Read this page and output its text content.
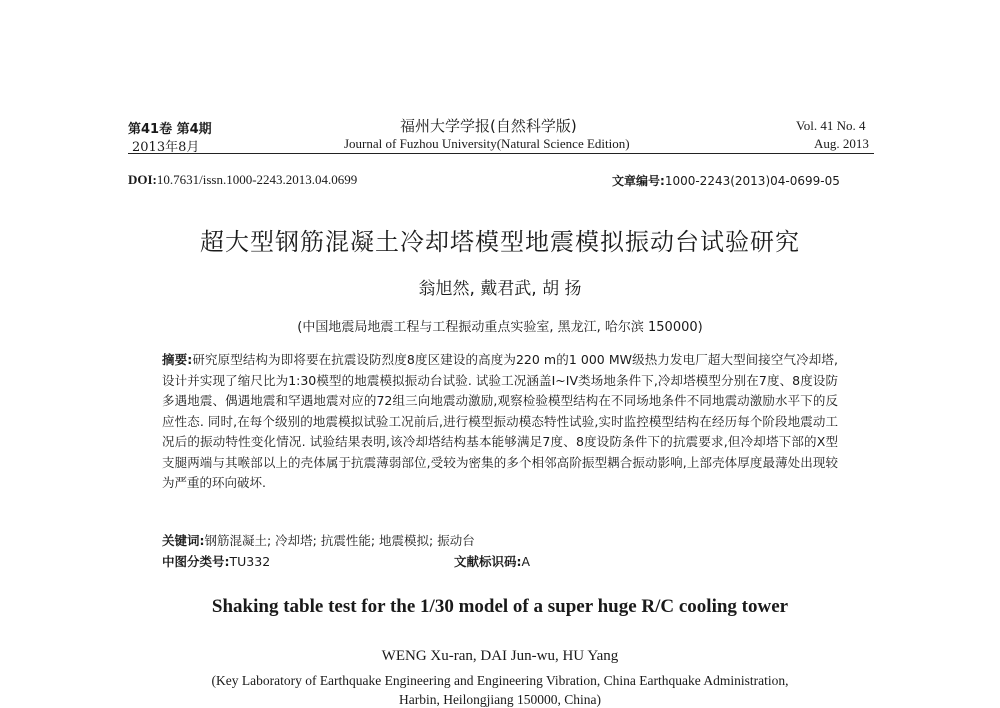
第41卷 第4期
2013年8月
福州大学学报(自然科学版)
Journal of Fuzhou University(Natural Science Edition)
Vol. 41 No. 4
Aug. 2013
DOI:10.7631/issn.1000-2243.2013.04.0699	文章编号:1000-2243(2013)04-0699-05
超大型钢筋混凝土冷却塔模型地震模拟振动台试验研究
翁旭然, 戴君武, 胡 扬
(中国地震局地震工程与工程振动重点实验室, 黑龙江, 哈尔滨 150000)
摘要:研究原型结构为即将要在抗震设防烈度8度区建设的高度为220 m的1 000 MW级热力发电厂超大型间接空气冷却塔,设计并实现了缩尺比为1:30模型的地震模拟振动台试验. 试验工况涵盖I~IV类场地条件下,冷却塔模型分别在7度、8度设防多遇地震、偶遇地震和罕遇地震对应的72组三向地震动激励,观察检验模型结构在不同场地条件不同地震动激励水平下的反应性态. 同时,在每个级别的地震模拟试验工况前后,进行模型振动模态特性试验,实时监控模型结构在经历每个阶段地震动工况后的振动特性变化情况. 试验结果表明,该冷却塔结构基本能够满足7度、8度设防条件下的抗震要求,但冷却塔下部的X型支腿两端与其喉部以上的壳体属于抗震薄弱部位,受较为密集的多个相邻高阶振型耦合振动影响,上部壳体厚度最薄处出现较为严重的环向破坏.
关键词:钢筋混凝土; 冷却塔; 抗震性能; 地震模拟; 振动台
中图分类号:TU332	文献标识码:A
Shaking table test for the 1/30 model of a super huge R/C cooling tower
WENG Xu-ran, DAI Jun-wu, HU Yang
(Key Laboratory of Earthquake Engineering and Engineering Vibration, China Earthquake Administration,
Harbin, Heilongjiang 150000, China)
